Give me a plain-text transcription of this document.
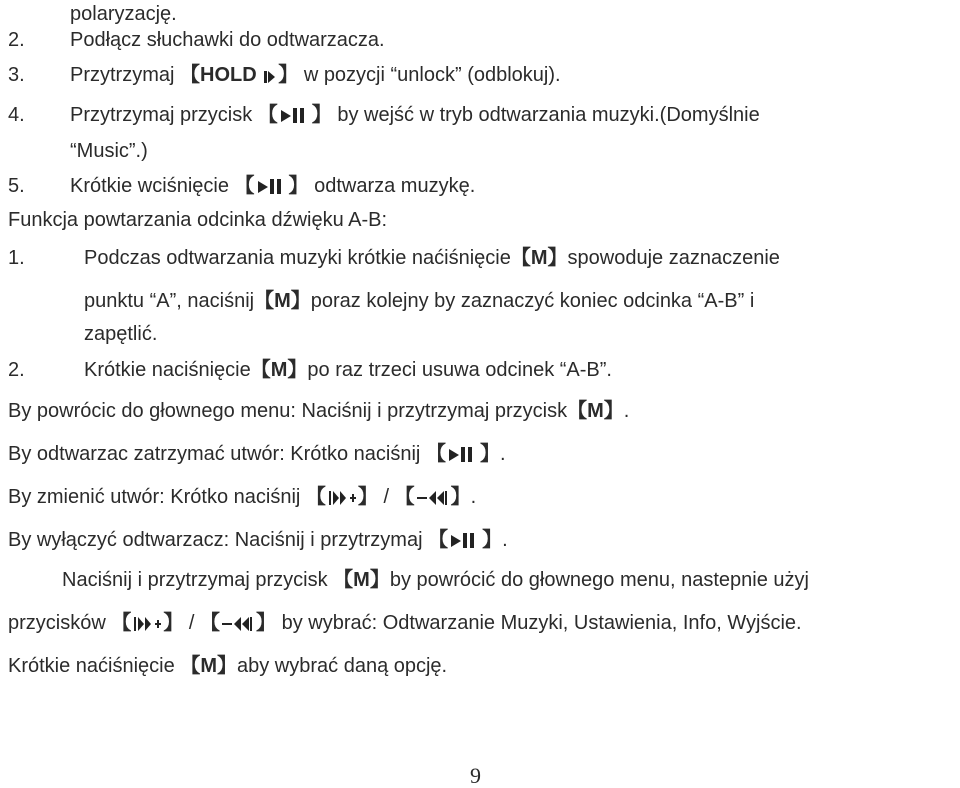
polaryzację.
2. Podłącz słuchawki do odtwarzacza.
3. Przytrzymaj 【HOLD 】 w pozycji “unlock” (odblokuj).
4. Przytrzymaj przycisk 【 】 by wejść w tryb odtwarzania muzyki.(Domyślnie
“Music”.)
5. Krótkie wciśnięcie 【 】 odtwarza muzykę.
Funkcja powtarzania odcinka dźwięku A-B:
1.	Podczas odtwarzania muzyki krótkie naćiśnięcie【M】spowoduje zaznaczenie
punktu “A”, naciśnij【M】poraz kolejny by zaznaczyć koniec odcinka “A-B” i
zapętlić.
2.	Krótkie naciśnięcie【M】po raz trzeci usuwa odcinek “A-B”.
By powrócic do głownego menu: Naciśnij i przytrzymaj przycisk【M】.
By odtwarzac zatrzymać utwór: Krótko naciśnij 【 】.
By zmienić utwór: Krótko naciśnij 【 】 / 【 】.
By wyłączyć odtwarzacz: Naciśnij i przytrzymaj 【 】.
Naciśnij i przytrzymaj przycisk 【M】by powrócić do głownego menu, nastepnie użyj
przycisków 【 】 / 【 】 by wybrać: Odtwarzanie Muzyki, Ustawienia, Info, Wyjście.
Krótkie naćiśnięcie 【M】aby wybrać daną opcję.
9
